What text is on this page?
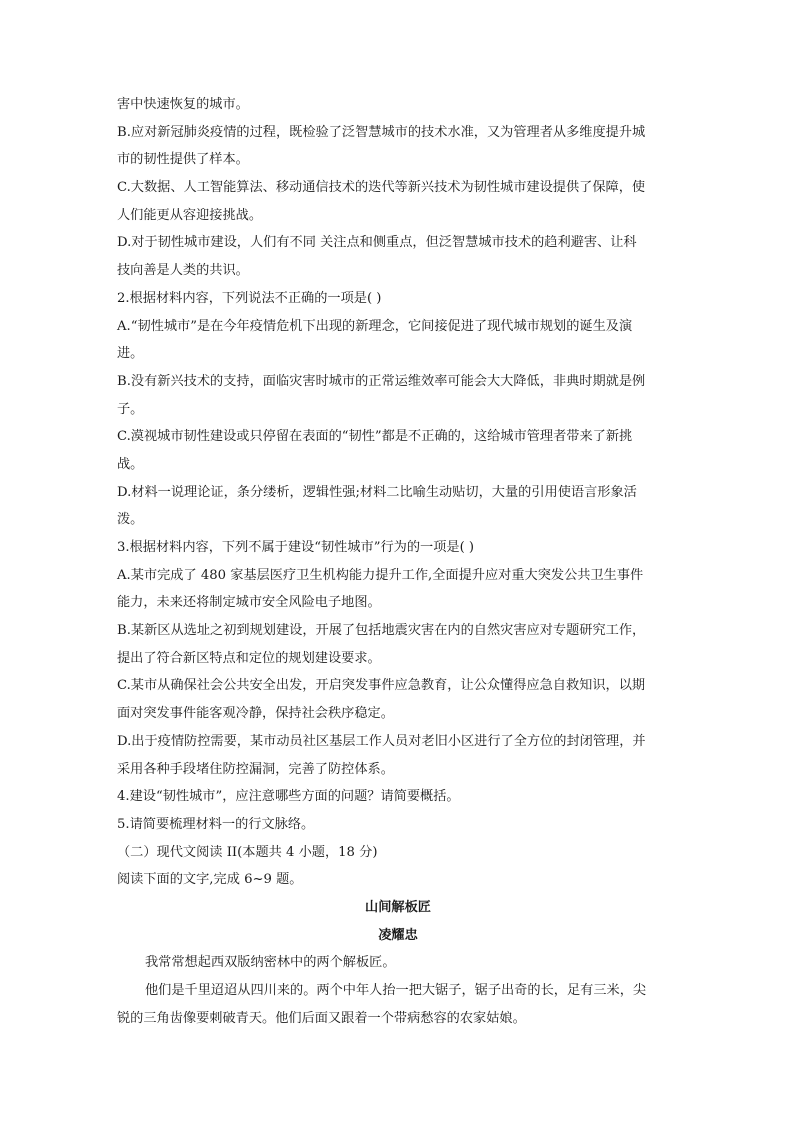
害中快速恢复的城市。
B.应对新冠肺炎疫情的过程，既检验了泛智慧城市的技术水准，又为管理者从多维度提升城
市的韧性提供了样本。
C.大数据、人工智能算法、移动通信技术的迭代等新兴技术为韧性城市建设提供了保障，使
人们能更从容迎接挑战。
D.对于韧性城市建设，人们有不同 关注点和侧重点，但泛智慧城市技术的趋利避害、让科
技向善是人类的共识。
2.根据材料内容，下列说法不正确的一项是( )
A.“韧性城市”是在今年疫情危机下出现的新理念，它间接促进了现代城市规划的诞生及演
进。
B.没有新兴技术的支持，面临灾害时城市的正常运维效率可能会大大降低，非典时期就是例
子。
C.漠视城市韧性建设或只停留在表面的“韧性”都是不正确的，这给城市管理者带来了新挑
战。
D.材料一说理论证，条分缕析，逻辑性强;材料二比喻生动贴切，大量的引用使语言形象活
泼。
3.根据材料内容，下列不属于建设“韧性城市”行为的一项是( )
A.某市完成了 480 家基层医疗卫生机构能力提升工作,全面提升应对重大突发公共卫生事件
能力，未来还将制定城市安全风险电子地图。
B.某新区从选址之初到规划建设，开展了包括地震灾害在内的自然灾害应对专题研究工作，
提出了符合新区特点和定位的规划建设要求。
C.某市从确保社会公共安全出发，开启突发事件应急教育，让公众懂得应急自救知识，以期
面对突发事件能客观冷静，保持社会秩序稳定。
D.出于疫情防控需要，某市动员社区基层工作人员对老旧小区进行了全方位的封闭管理，并
采用各种手段堵住防控漏洞，完善了防控体系。
4.建设“韧性城市”，应注意哪些方面的问题？请简要概括。
5.请简要梳理材料一的行文脉络。
（二）现代文阅读 II(本题共 4 小题，18 分)
阅读下面的文字,完成 6~9 题。
山间解板匠
凌耀忠
我常常想起西双版纳密林中的两个解板匠。
他们是千里迢迢从四川来的。两个中年人抬一把大锯子，锯子出奇的长，足有三米，尖
锐的三角齿像要刺破青天。他们后面又跟着一个带病愁容的农家姑娘。
